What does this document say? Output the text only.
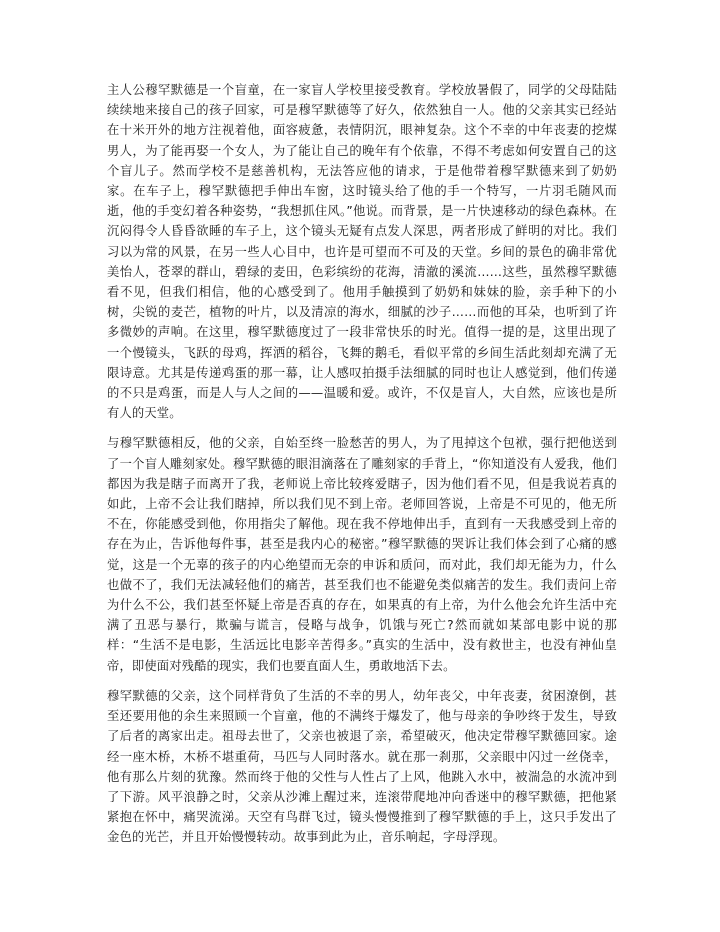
主人公穆罕默德是一个盲童，在一家盲人学校里接受教育。学校放暑假了，同学的父母陆陆续续地来接自己的孩子回家，可是穆罕默德等了好久，依然独自一人。他的父亲其实已经站在十米开外的地方注视着他，面容疲惫，表情阴沉，眼神复杂。这个不幸的中年丧妻的挖煤男人，为了能再娶一个女人，为了能让自己的晚年有个依靠，不得不考虑如何安置自己的这个盲儿子。然而学校不是慈善机构，无法答应他的请求，于是他带着穆罕默德来到了奶奶家。在车子上，穆罕默德把手伸出车窗，这时镜头给了他的手一个特写，一片羽毛随风而逝，他的手变幻着各种姿势，“我想抓住风。”他说。而背景，是一片快速移动的绿色森林。在沉闷得令人昏昏欲睡的车子上，这个镜头无疑有点发人深思，两者形成了鲜明的对比。我们习以为常的风景，在另一些人心目中，也许是可望而不可及的天堂。乡间的景色的确非常优美怡人，苍翠的群山，碧绿的麦田，色彩缤纷的花海，清澈的溪流……这些，虽然穆罕默德看不见，但我们相信，他的心感受到了。他用手触摸到了奶奶和妹妹的脸，亲手种下的小树，尖锐的麦芒，植物的叶片，以及清凉的海水，细腻的沙子……而他的耳朵，也听到了许多微妙的声响。在这里，穆罕默德度过了一段非常快乐的时光。值得一提的是，这里出现了一个慢镜头，飞跃的母鸡，挥洒的稻谷，飞舞的鹅毛，看似平常的乡间生活此刻却充满了无限诗意。尤其是传递鸡蛋的那一幕，让人感叹拍摄手法细腻的同时也让人感觉到，他们传递的不只是鸡蛋，而是人与人之间的——温暖和爱。或许，不仅是盲人，大自然，应该也是所有人的天堂。

与穆罕默德相反，他的父亲，自始至终一脸愁苦的男人，为了甩掉这个包袱，强行把他送到了一个盲人雕刻家处。穆罕默德的眼泪滴落在了雕刻家的手背上，“你知道没有人爱我，他们都因为我是瞎子而离开了我，老师说上帝比较疼爱瞎子，因为他们看不见，但是我说若真的如此，上帝不会让我们瞎掉，所以我们见不到上帝。老师回答说，上帝是不可见的，他无所不在，你能感受到他，你用指尖了解他。现在我不停地伸出手，直到有一天我感受到上帝的存在为止，告诉他每件事，甚至是我内心的秘密。”穆罕默德的哭诉让我们体会到了心痛的感觉，这是一个无辜的孩子的内心绝望而无奈的申诉和质问，而对此，我们却无能为力，什么也做不了，我们无法减轻他们的痛苦，甚至我们也不能避免类似痛苦的发生。我们责问上帝为什么不公，我们甚至怀疑上帝是否真的存在，如果真的有上帝，为什么他会允许生活中充满了丑恶与暴行，欺骗与谎言，侵略与战争，饥饿与死亡?然而就如某部电影中说的那样：“生活不是电影，生活远比电影辛苦得多。”真实的生活中，没有救世主，也没有神仙皇帝，即使面对残酷的现实，我们也要直面人生，勇敢地活下去。

穆罕默德的父亲，这个同样背负了生活的不幸的男人，幼年丧父，中年丧妻，贫困潦倒，甚至还要用他的余生来照顾一个盲童，他的不满终于爆发了，他与母亲的争吵终于发生，导致了后者的离家出走。祖母去世了，父亲也被退了亲，希望破灭，他决定带穆罕默德回家。途经一座木桥，木桥不堪重荷，马匹与人同时落水。就在那一刹那，父亲眼中闪过一丝侥幸，他有那么片刻的犹豫。然而终于他的父性与人性占了上风，他跳入水中，被湍急的水流冲到了下游。风平浪静之时，父亲从沙滩上醒过来，连滚带爬地冲向香迷中的穆罕默德，把他紧紧抱在怀中，痛哭流涕。天空有鸟群飞过，镜头慢慢推到了穆罕默德的手上，这只手发出了金色的光芒，并且开始慢慢转动。故事到此为止，音乐响起，字母浮现。
